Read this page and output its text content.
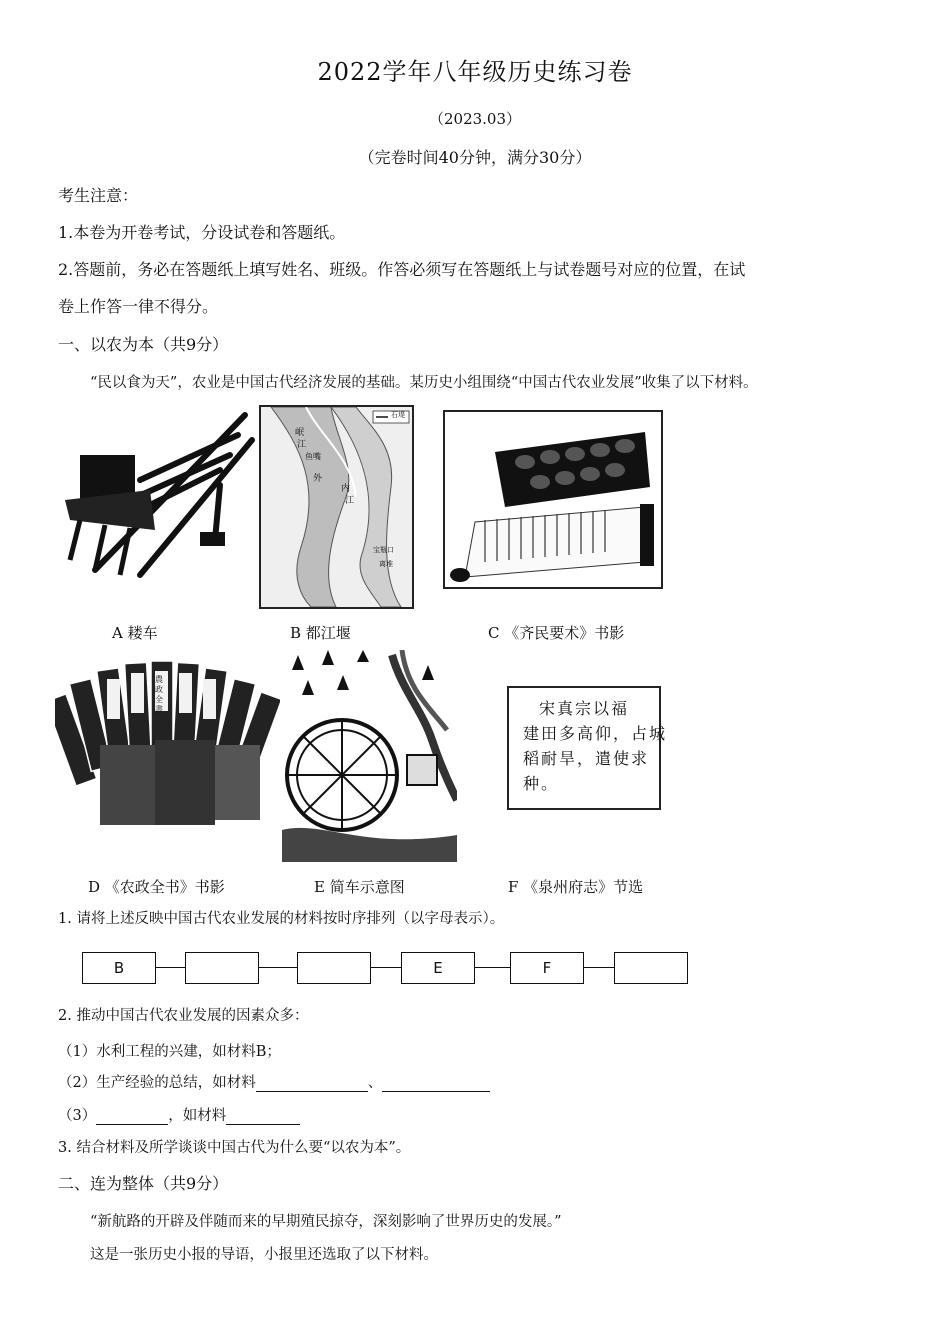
2022学年八年级历史练习卷
（2023.03）
（完卷时间40分钟，满分30分）
考生注意：
1.本卷为开卷考试，分设试卷和答题纸。
2.答题前，务必在答题纸上填写姓名、班级。作答必须写在答题纸上与试卷题号对应的位置，在试
卷上作答一律不得分。
一、以农为本（共9分）
“民以食为天”，农业是中国古代经济发展的基础。某历史小组围绕“中国古代农业发展”收集了以下材料。
A 耧车
石堤
岷
江
鱼嘴
外
内
江
宝瓶口
离堆
B 都江堰	C 《齐民要术》书影
農政全書
D 《农政全书》书影	E 简车示意图
宋真宗以福
建田多高仰，占城
稻耐旱，遣使求
种。
F 《泉州府志》节选
1. 请将上述反映中国古代农业发展的材料按时序排列（以字母表示）。
B	E	F
2. 推动中国古代农业发展的因素众多：
（1）水利工程的兴建，如材料B；
（2）生产经验的总结，如材料	、
（3）	，如材料
3. 结合材料及所学谈谈中国古代为什么要“以农为本”。
二、连为整体（共9分）
“新航路的开辟及伴随而来的早期殖民掠夺，深刻影响了世界历史的发展。”
这是一张历史小报的导语，小报里还选取了以下材料。
